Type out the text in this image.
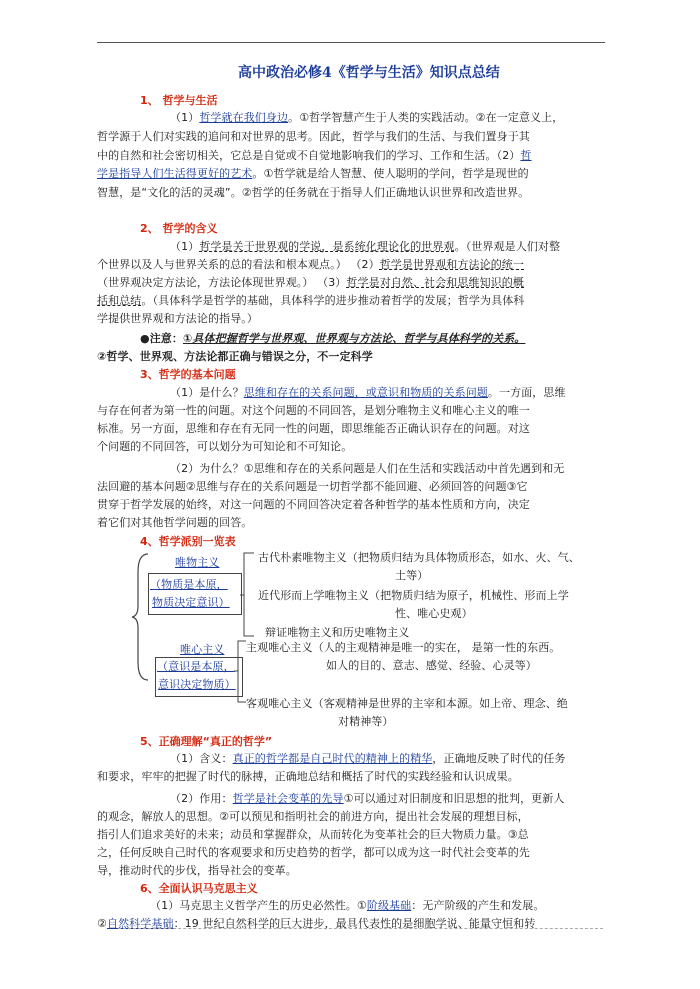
高中政治必修4《哲学与生活》知识点总结
1、 哲学与生活
（1）哲学就在我们身边。①哲学智慧产生于人类的实践活动。②在一定意义上，
哲学源于人们对实践的追问和对世界的思考。因此，哲学与我们的生活、与我们置身于其
中的自然和社会密切相关，它总是自觉或不自觉地影响我们的学习、工作和生活。（2）哲
学是指导人们生活得更好的艺术。①哲学就是给人智慧、使人聪明的学问，哲学是现世的
智慧，是“文化的活的灵魂”。②哲学的任务就在于指导人们正确地认识世界和改造世界。
2、 哲学的含义
（1）哲学是关于世界观的学说，是系统化理论化的世界观。（世界观是人们对整
个世界以及人与世界关系的总的看法和根本观点。） （2）哲学是世界观和方法论的统一
（世界观决定方法论，方法论体现世界观。） （3）哲学是对自然、社会和思维知识的概
括和总结。（具体科学是哲学的基础，具体科学的进步推动着哲学的发展；哲学为具体科
学提供世界观和方法论的指导。）
●注意：①具体把握哲学与世界观、世界观与方法论、哲学与具体科学的关系。
②哲学、世界观、方法论都正确与错误之分，不一定科学
3、哲学的基本问题
（1）是什么？思维和存在的关系问题，或意识和物质的关系问题。一方面，思维
与存在何者为第一性的问题。对这个问题的不同回答，是划分唯物主义和唯心主义的唯一
标准。另一方面，思维和存在有无同一性的问题，即思维能否正确认识存在的问题。对这
个问题的不同回答，可以划分为可知论和不可知论。
（2）为什么？①思维和存在的关系问题是人们在生活和实践活动中首先遇到和无
法回避的基本问题②思维与存在的关系问题是一切哲学都不能回避、必须回答的问题③它
贯穿于哲学发展的始终，对这一问题的不同回答决定着各种哲学的基本性质和方向，决定
着它们对其他哲学问题的回答。
4、哲学派别一览表
唯物主义
（物质是本原，
物质决定意识）
古代朴素唯物主义（把物质归结为具体物质形态，如水、火、气、
土等）
近代形而上学唯物主义（把物质归结为原子，机械性、形而上学
性、唯心史观）
辩证唯物主义和历史唯物主义
唯心主义
（意识是本原，
意识决定物质）
主观唯心主义（人的主观精神是唯一的实在， 是第一性的东西。
如人的目的、意志、感觉、经验、心灵等）
客观唯心主义（客观精神是世界的主宰和本源。如上帝、理念、绝
对精神等）
5、正确理解“真正的哲学”
（1）含义：真正的哲学都是自己时代的精神上的精华，正确地反映了时代的任务
和要求，牢牢的把握了时代的脉搏，正确地总结和概括了时代的实践经验和认识成果。
（2）作用：哲学是社会变革的先导①可以通过对旧制度和旧思想的批判，更新人
的观念，解放人的思想。②可以预见和指明社会的前进方向，提出社会发展的理想目标，
指引人们追求美好的未来；动员和掌握群众，从而转化为变革社会的巨大物质力量。③总
之，任何反映自己时代的客观要求和历史趋势的哲学，都可以成为这一时代社会变革的先
导，推动时代的步伐，指导社会的变革。
6、全面认识马克思主义
（1）马克思主义哲学产生的历史必然性。①阶级基础：无产阶级的产生和发展。
②自然科学基础：19 世纪自然科学的巨大进步，最具代表性的是细胞学说、能量守恒和转
